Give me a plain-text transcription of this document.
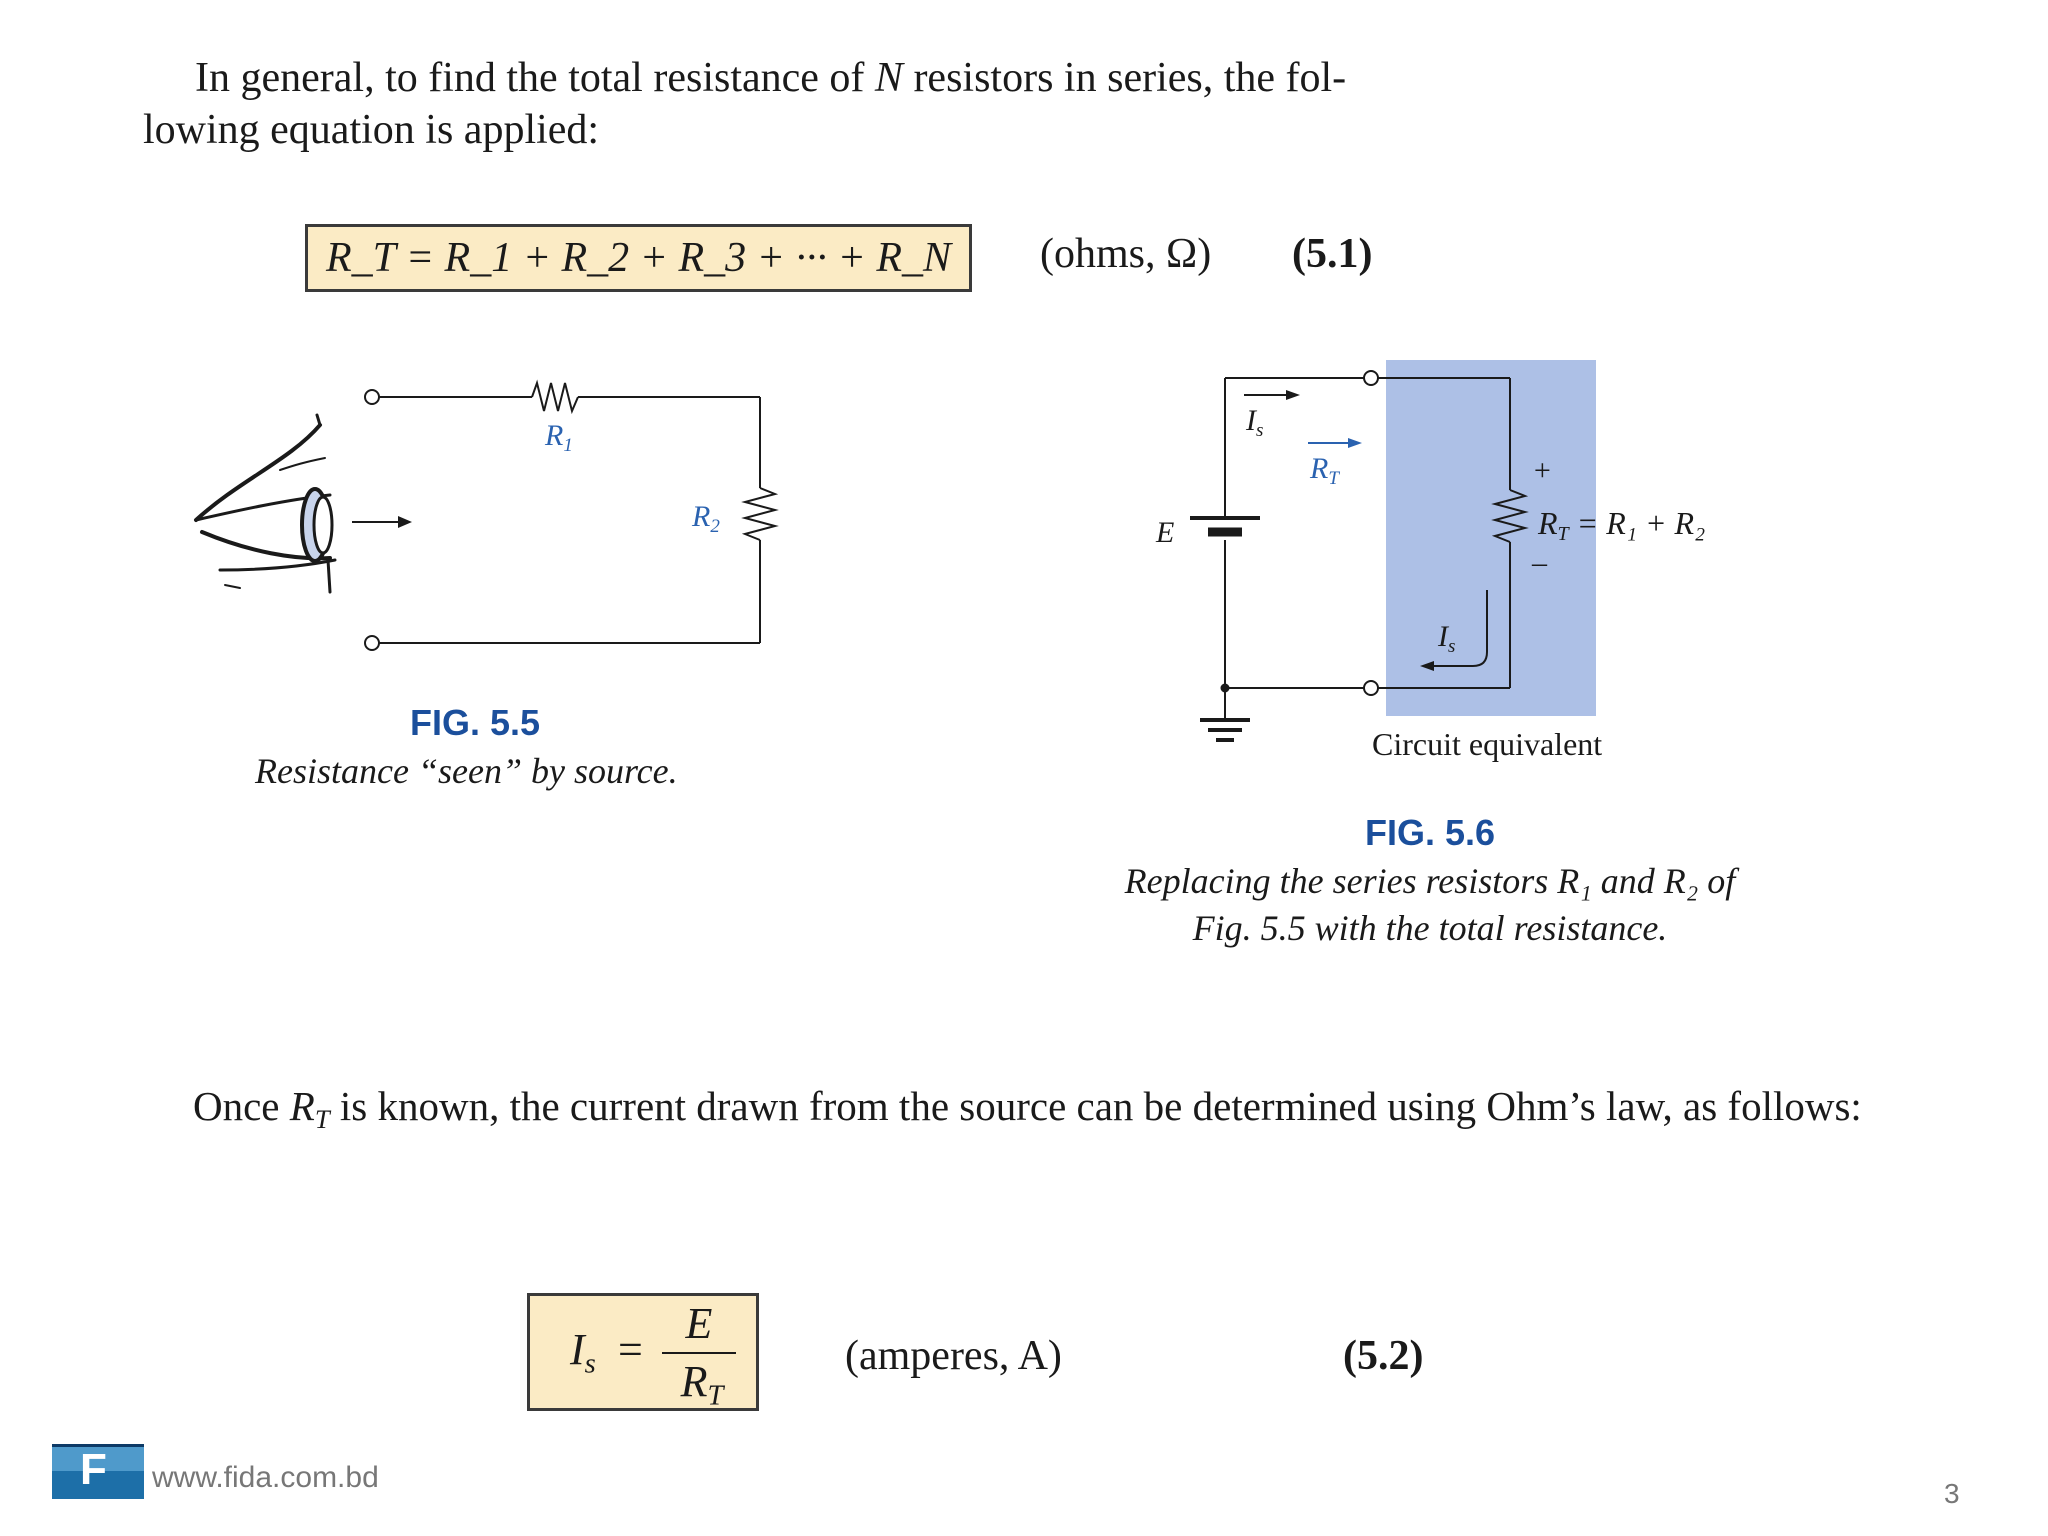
In general, to find the total resistance of N resistors in series, the fol-
lowing equation is applied:
R_T = R_1 + R_2 + R_3 + ··· + R_N	(ohms, Ω) (5.1)
$R_1$
$R_2$
FIG. 5.5
Resistance “seen” by source.
$I_s$
$R_T$
E
+
–
RT = R₁ + R₂
$I_s$
Circuit equivalent
FIG. 5.6
Replacing the series resistors R₁ and R₂ of
Fig. 5.5 with the total resistance.
Once $R_T$ is known, the current drawn from the source can be determined using Ohm’s law, as follows:
$I_s$ =
E
$R_T$
(amperes, A)	(5.2)
F www.fida.com.bd	3
